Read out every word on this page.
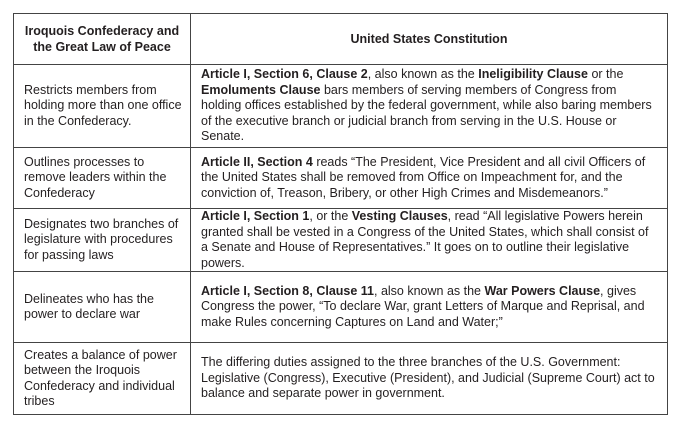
Iroquois Confederacy and the Great Law of Peace	United States Constitution
Restricts members from holding more than one office in the Confederacy.	Article I, Section 6, Clause 2, also known as the Ineligibility Clause or the Emoluments Clause bars members of serving members of Congress from holding offices established by the federal government, while also baring members of the executive branch or judicial branch from serving in the U.S. House or Senate.
Outlines processes to remove leaders within the Confederacy	Article II, Section 4 reads “The President, Vice President and all civil Officers of the United States shall be removed from Office on Impeachment for, and the conviction of, Treason, Bribery, or other High Crimes and Misdemeanors.”
Designates two branches of legislature with procedures for passing laws	Article I, Section 1, or the Vesting Clauses, read “All legislative Powers herein granted shall be vested in a Congress of the United States, which shall consist of a Senate and House of Representatives.” It goes on to outline their legislative powers.
Delineates who has the power to declare war	Article I, Section 8, Clause 11, also known as the War Powers Clause, gives Congress the power, “To declare War, grant Letters of Marque and Reprisal, and make Rules concerning Captures on Land and Water;”
Creates a balance of power between the Iroquois Confederacy and individual tribes	The differing duties assigned to the three branches of the U.S. Government: Legislative (Congress), Executive (President), and Judicial (Supreme Court) act to balance and separate power in government.
